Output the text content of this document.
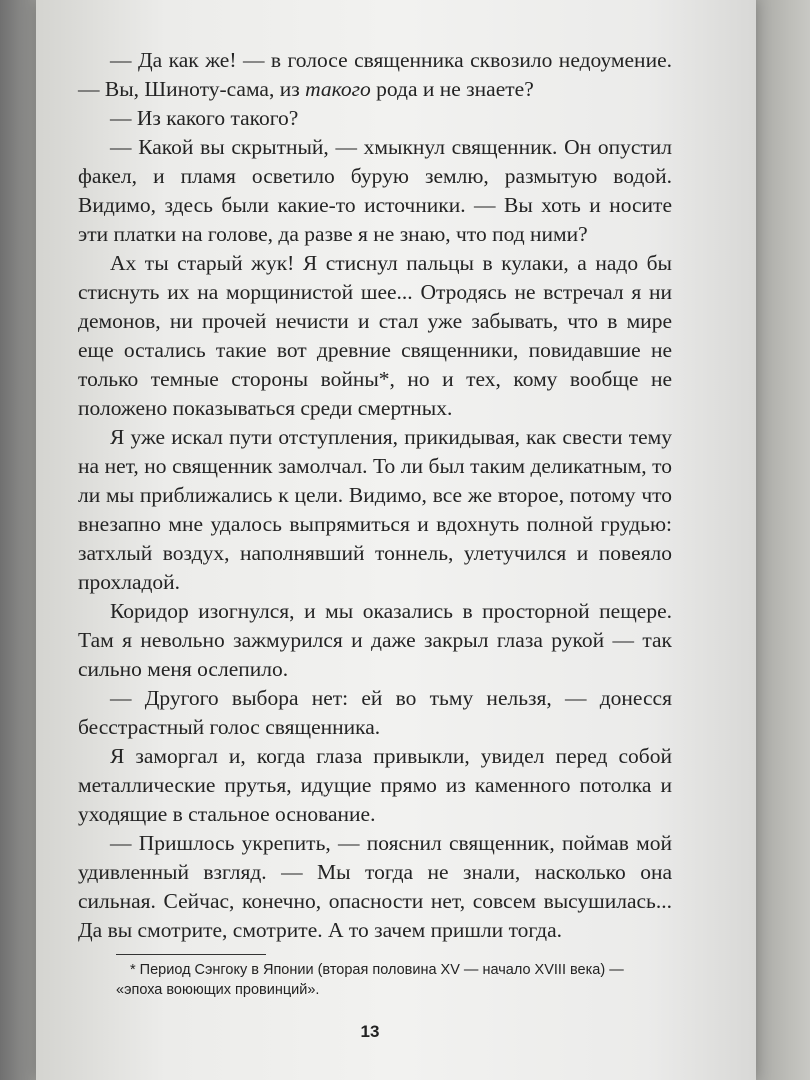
— Да как же! — в голосе священника сквозило недоумение. — Вы, Шиноту-сама, из такого рода и не знаете?

— Из какого такого?

— Какой вы скрытный, — хмыкнул священник. Он опустил факел, и пламя осветило бурую землю, размытую водой. Видимо, здесь были какие-то источники. — Вы хоть и носите эти платки на голове, да разве я не знаю, что под ними?

Ах ты старый жук! Я стиснул пальцы в кулаки, а надо бы стиснуть их на морщинистой шее... Отродясь не встречал я ни демонов, ни прочей нечисти и стал уже забывать, что в мире еще остались такие вот древние священники, повидавшие не только темные стороны войны*, но и тех, кому вообще не положено показываться среди смертных.

Я уже искал пути отступления, прикидывая, как свести тему на нет, но священник замолчал. То ли был таким деликатным, то ли мы приближались к цели. Видимо, все же второе, потому что внезапно мне удалось выпрямиться и вдохнуть полной грудью: затхлый воздух, наполнявший тоннель, улетучился и повеяло прохладой.

Коридор изогнулся, и мы оказались в просторной пещере. Там я невольно зажмурился и даже закрыл глаза рукой — так сильно меня ослепило.

— Другого выбора нет: ей во тьму нельзя, — донесся бесстрастный голос священника.

Я заморгал и, когда глаза привыкли, увидел перед собой металлические прутья, идущие прямо из каменного потолка и уходящие в стальное основание.

— Пришлось укрепить, — пояснил священник, поймав мой удивленный взгляд. — Мы тогда не знали, насколько она сильная. Сейчас, конечно, опасности нет, совсем высушилась... Да вы смотрите, смотрите. А то зачем пришли тогда.

* Период Сэнгоку в Японии (вторая половина XV — начало XVIII века) — «эпоха воюющих провинций».
13
